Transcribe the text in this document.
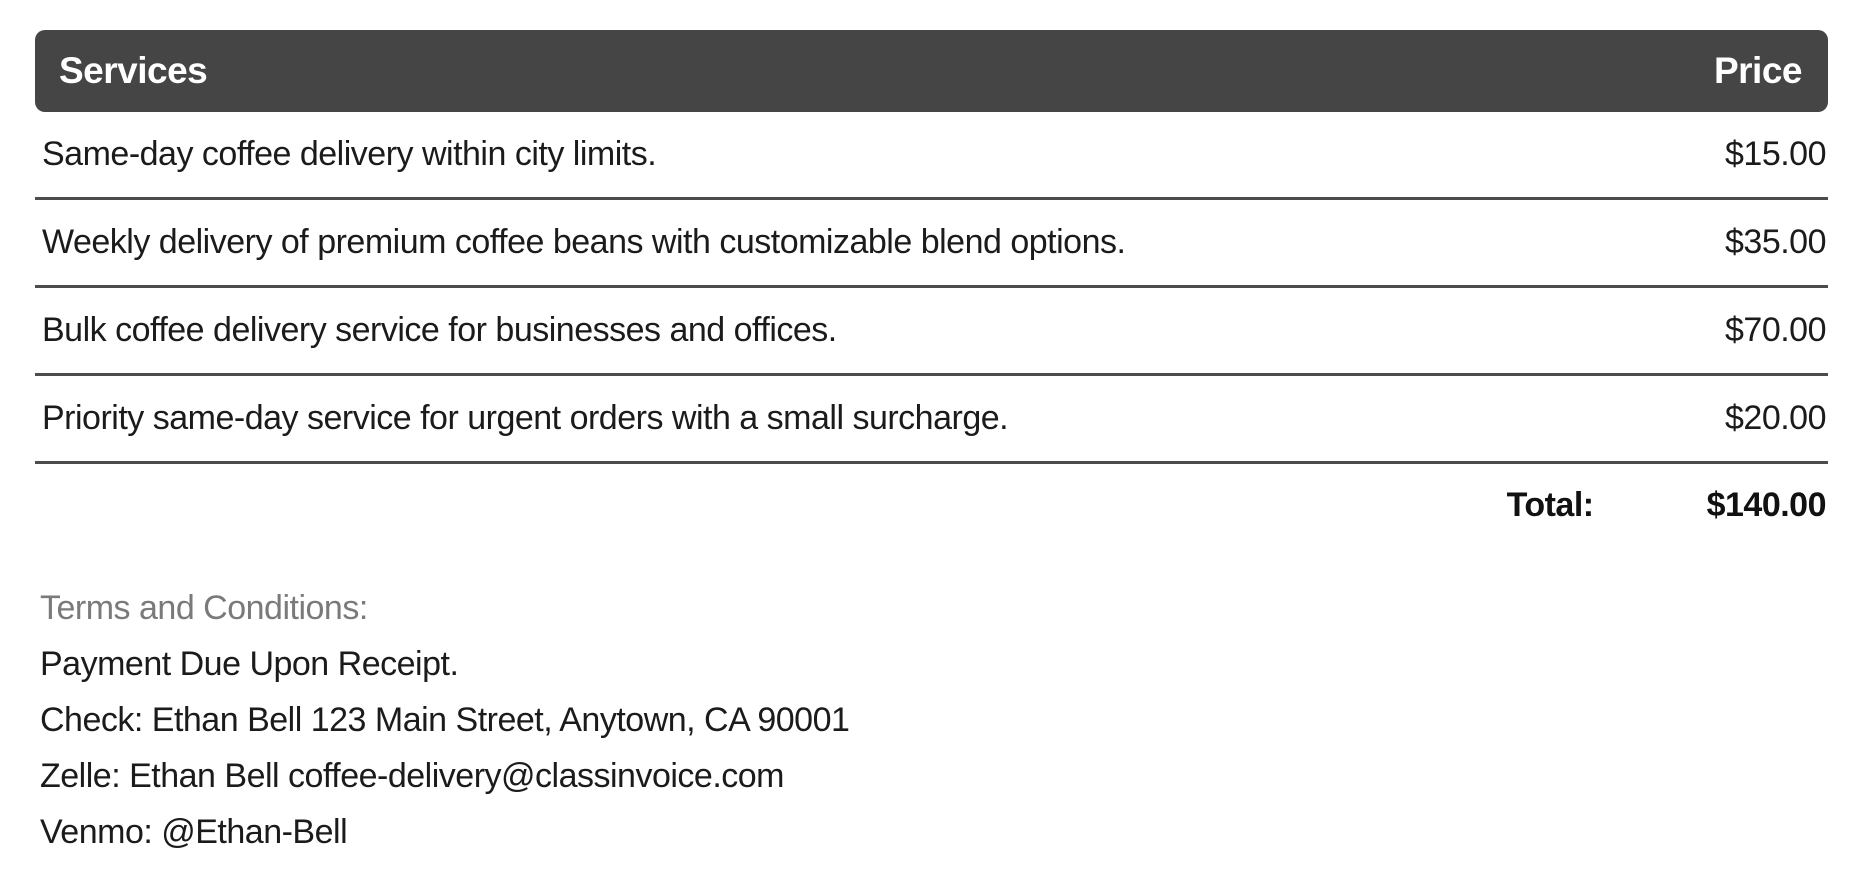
Services	Price
Same-day coffee delivery within city limits.	$15.00
Weekly delivery of premium coffee beans with customizable blend options.	$35.00
Bulk coffee delivery service for businesses and offices.	$70.00
Priority same-day service for urgent orders with a small surcharge.	$20.00
Total:	$140.00
Terms and Conditions:
Payment Due Upon Receipt.
Check: Ethan Bell 123 Main Street, Anytown, CA 90001
Zelle: Ethan Bell coffee-delivery@classinvoice.com
Venmo: @Ethan-Bell
